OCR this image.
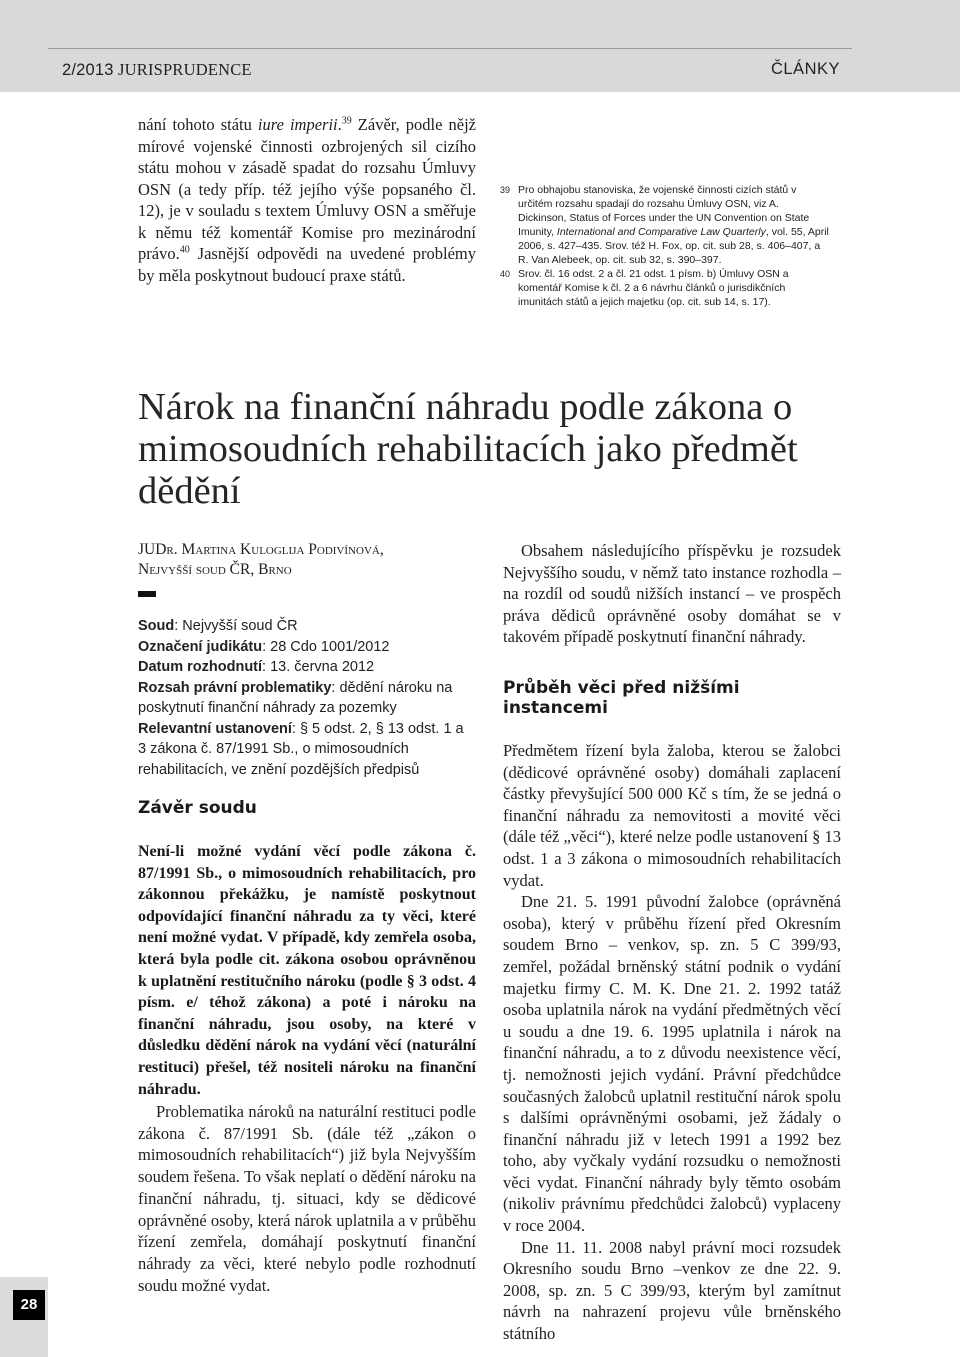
2/2013 JURISPRUDENCE	ČLÁNKY
nání tohoto státu iure imperii.$^{39}$ Závěr, podle nějž mírové vojenské činnosti ozbrojených sil cizího státu mohou v zásadě spadat do rozsahu Úmluvy OSN (a tedy příp. též jejího výše popsaného čl. 12), je v souladu s textem Úmluvy OSN a směřuje k němu též komentář Komise pro mezinárodní právo.$^{40}$ Jasnější odpovědi na uvedené problémy by měla poskytnout budoucí praxe států.
39 Pro obhajobu stanoviska, že vojenské činnosti cizích států v určitém rozsahu spadají do rozsahu Úmluvy OSN, viz A. Dickinson, Status of Forces under the UN Convention on State Imunity, International and Comparative Law Quarterly, vol. 55, April 2006, s. 427–435. Srov. též H. Fox, op. cit. sub 28, s. 406–407, a R. Van Alebeek, op. cit. sub 32, s. 390–397.
40 Srov. čl. 16 odst. 2 a čl. 21 odst. 1 písm. b) Úmluvy OSN a komentář Komise k čl. 2 a 6 návrhu článků o jurisdikčních imunitách států a jejich majetku (op. cit. sub 14, s. 17).
Nárok na finanční náhradu podle zákona o mimosoudních rehabilitacích jako předmět dědění
JUDr. Martina Kuloglija Podivínová,
Nejvyšší soud ČR, Brno
Soud: Nejvyšší soud ČR
Označení judikátu: 28 Cdo 1001/2012
Datum rozhodnutí: 13. června 2012
Rozsah právní problematiky: dědění nároku na poskytnutí finanční náhrady za pozemky
Relevantní ustanovení: § 5 odst. 2, § 13 odst. 1 a 3 zákona č. 87/1991 Sb., o mimosoudních rehabilitacích, ve znění pozdějších předpisů
Závěr soudu
Není-li možné vydání věcí podle zákona č. 87/1991 Sb., o mimosoudních rehabilitacích, pro zákonnou překážku, je namístě poskytnout odpovídající finanční náhradu za ty věci, které není možné vydat. V případě, kdy zemřela osoba, která byla podle cit. zákona osobou oprávněnou k uplatnění restitučního nároku (podle § 3 odst. 4 písm. e/ téhož zákona) a poté i nároku na finanční náhradu, jsou osoby, na které v důsledku dědění nárok na vydání věcí (naturální restituci) přešel, též nositeli nároku na finanční náhradu.

Problematika nároků na naturální restituci podle zákona č. 87/1991 Sb. (dále též „zákon o mimosoudních rehabilitacích“) již byla Nejvyšším soudem řešena. To však neplatí o dědění nároku na finanční náhradu, tj. situaci, kdy se dědicové oprávněné osoby, která nárok uplatnila a v průběhu řízení zemřela, domáhají poskytnutí finanční náhrady za věci, které nebylo podle rozhodnutí soudu možné vydat.

Obsahem následujícího příspěvku je rozsudek Nejvyššího soudu, v němž tato instance rozhodla – na rozdíl od soudů nižších instancí – ve prospěch práva dědiců oprávněné osoby domáhat se v takovém případě poskytnutí finanční náhrady.

Průběh věci před nižšími instancemi

Předmětem řízení byla žaloba, kterou se žalobci (dědicové oprávněné osoby) domáhali zaplacení částky převyšující 500 000 Kč s tím, že se jedná o finanční náhradu za nemovitosti a movité věci (dále též „věci“), které nelze podle ustanovení § 13 odst. 1 a 3 zákona o mimosoudních rehabilitacích vydat.

Dne 21. 5. 1991 původní žalobce (oprávněná osoba), který v průběhu řízení před Okresním soudem Brno – venkov, sp. zn. 5 C 399/93, zemřel, požádal brněnský státní podnik o vydání majetku firmy C. M. K. Dne 21. 2. 1992 tatáž osoba uplatnila nárok na vydání předmětných věcí u soudu a dne 19. 6. 1995 uplatnila i nárok na finanční náhradu, a to z důvodu neexistence věcí, tj. nemožnosti jejich vydání. Právní předchůdce současných žalobců uplatnil restituční nárok spolu s dalšími oprávněnými osobami, jež žádaly o finanční náhradu již v letech 1991 a 1992 bez toho, aby vyčkaly vydání rozsudku o nemožnosti věci vydat. Finanční náhrady byly těmto osobám (nikoliv právnímu předchůdci žalobců) vyplaceny v roce 2004.

Dne 11. 11. 2008 nabyl právní moci rozsudek Okresního soudu Brno –venkov ze dne 22. 9. 2008, sp. zn. 5 C 399/93, kterým byl zamítnut návrh na nahrazení projevu vůle brněnského státního

28
